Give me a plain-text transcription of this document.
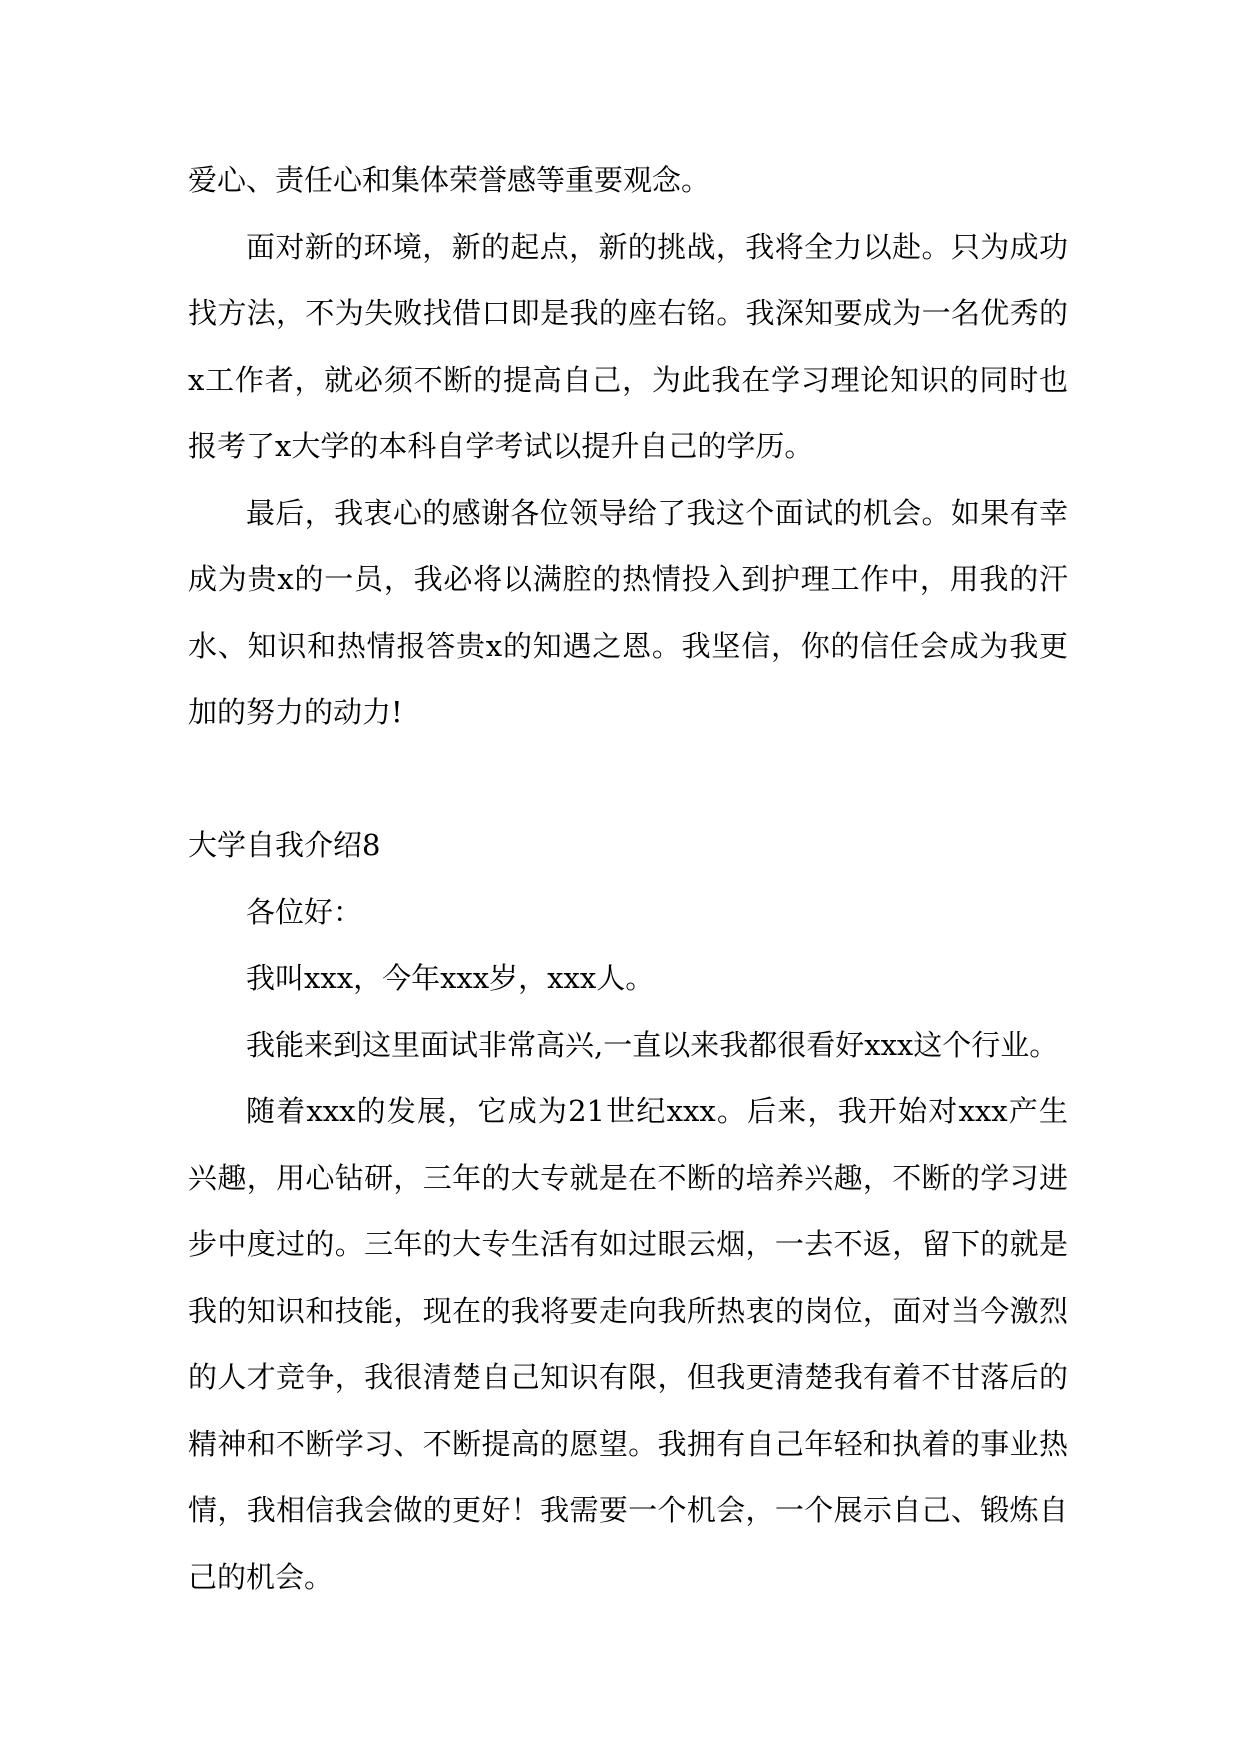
爱心、责任心和集体荣誉感等重要观念。

面对新的环境，新的起点，新的挑战，我将全力以赴。只为成功找方法，不为失败找借口即是我的座右铭。我深知要成为一名优秀的x工作者，就必须不断的提高自己，为此我在学习理论知识的同时也报考了x大学的本科自学考试以提升自己的学历。

最后，我衷心的感谢各位领导给了我这个面试的机会。如果有幸成为贵x的一员，我必将以满腔的热情投入到护理工作中，用我的汗水、知识和热情报答贵x的知遇之恩。我坚信，你的信任会成为我更加的努力的动力!

大学自我介绍8

各位好：

我叫xxx，今年xxx岁，xxx人。

我能来到这里面试非常高兴,一直以来我都很看好xxx这个行业。

随着xxx的发展，它成为21世纪xxx。后来，我开始对xxx产生兴趣，用心钻研，三年的大专就是在不断的培养兴趣，不断的学习进步中度过的。三年的大专生活有如过眼云烟，一去不返，留下的就是我的知识和技能，现在的我将要走向我所热衷的岗位，面对当今激烈的人才竞争，我很清楚自己知识有限，但我更清楚我有着不甘落后的精神和不断学习、不断提高的愿望。我拥有自己年轻和执着的事业热情，我相信我会做的更好！我需要一个机会，一个展示自己、锻炼自己的机会。
